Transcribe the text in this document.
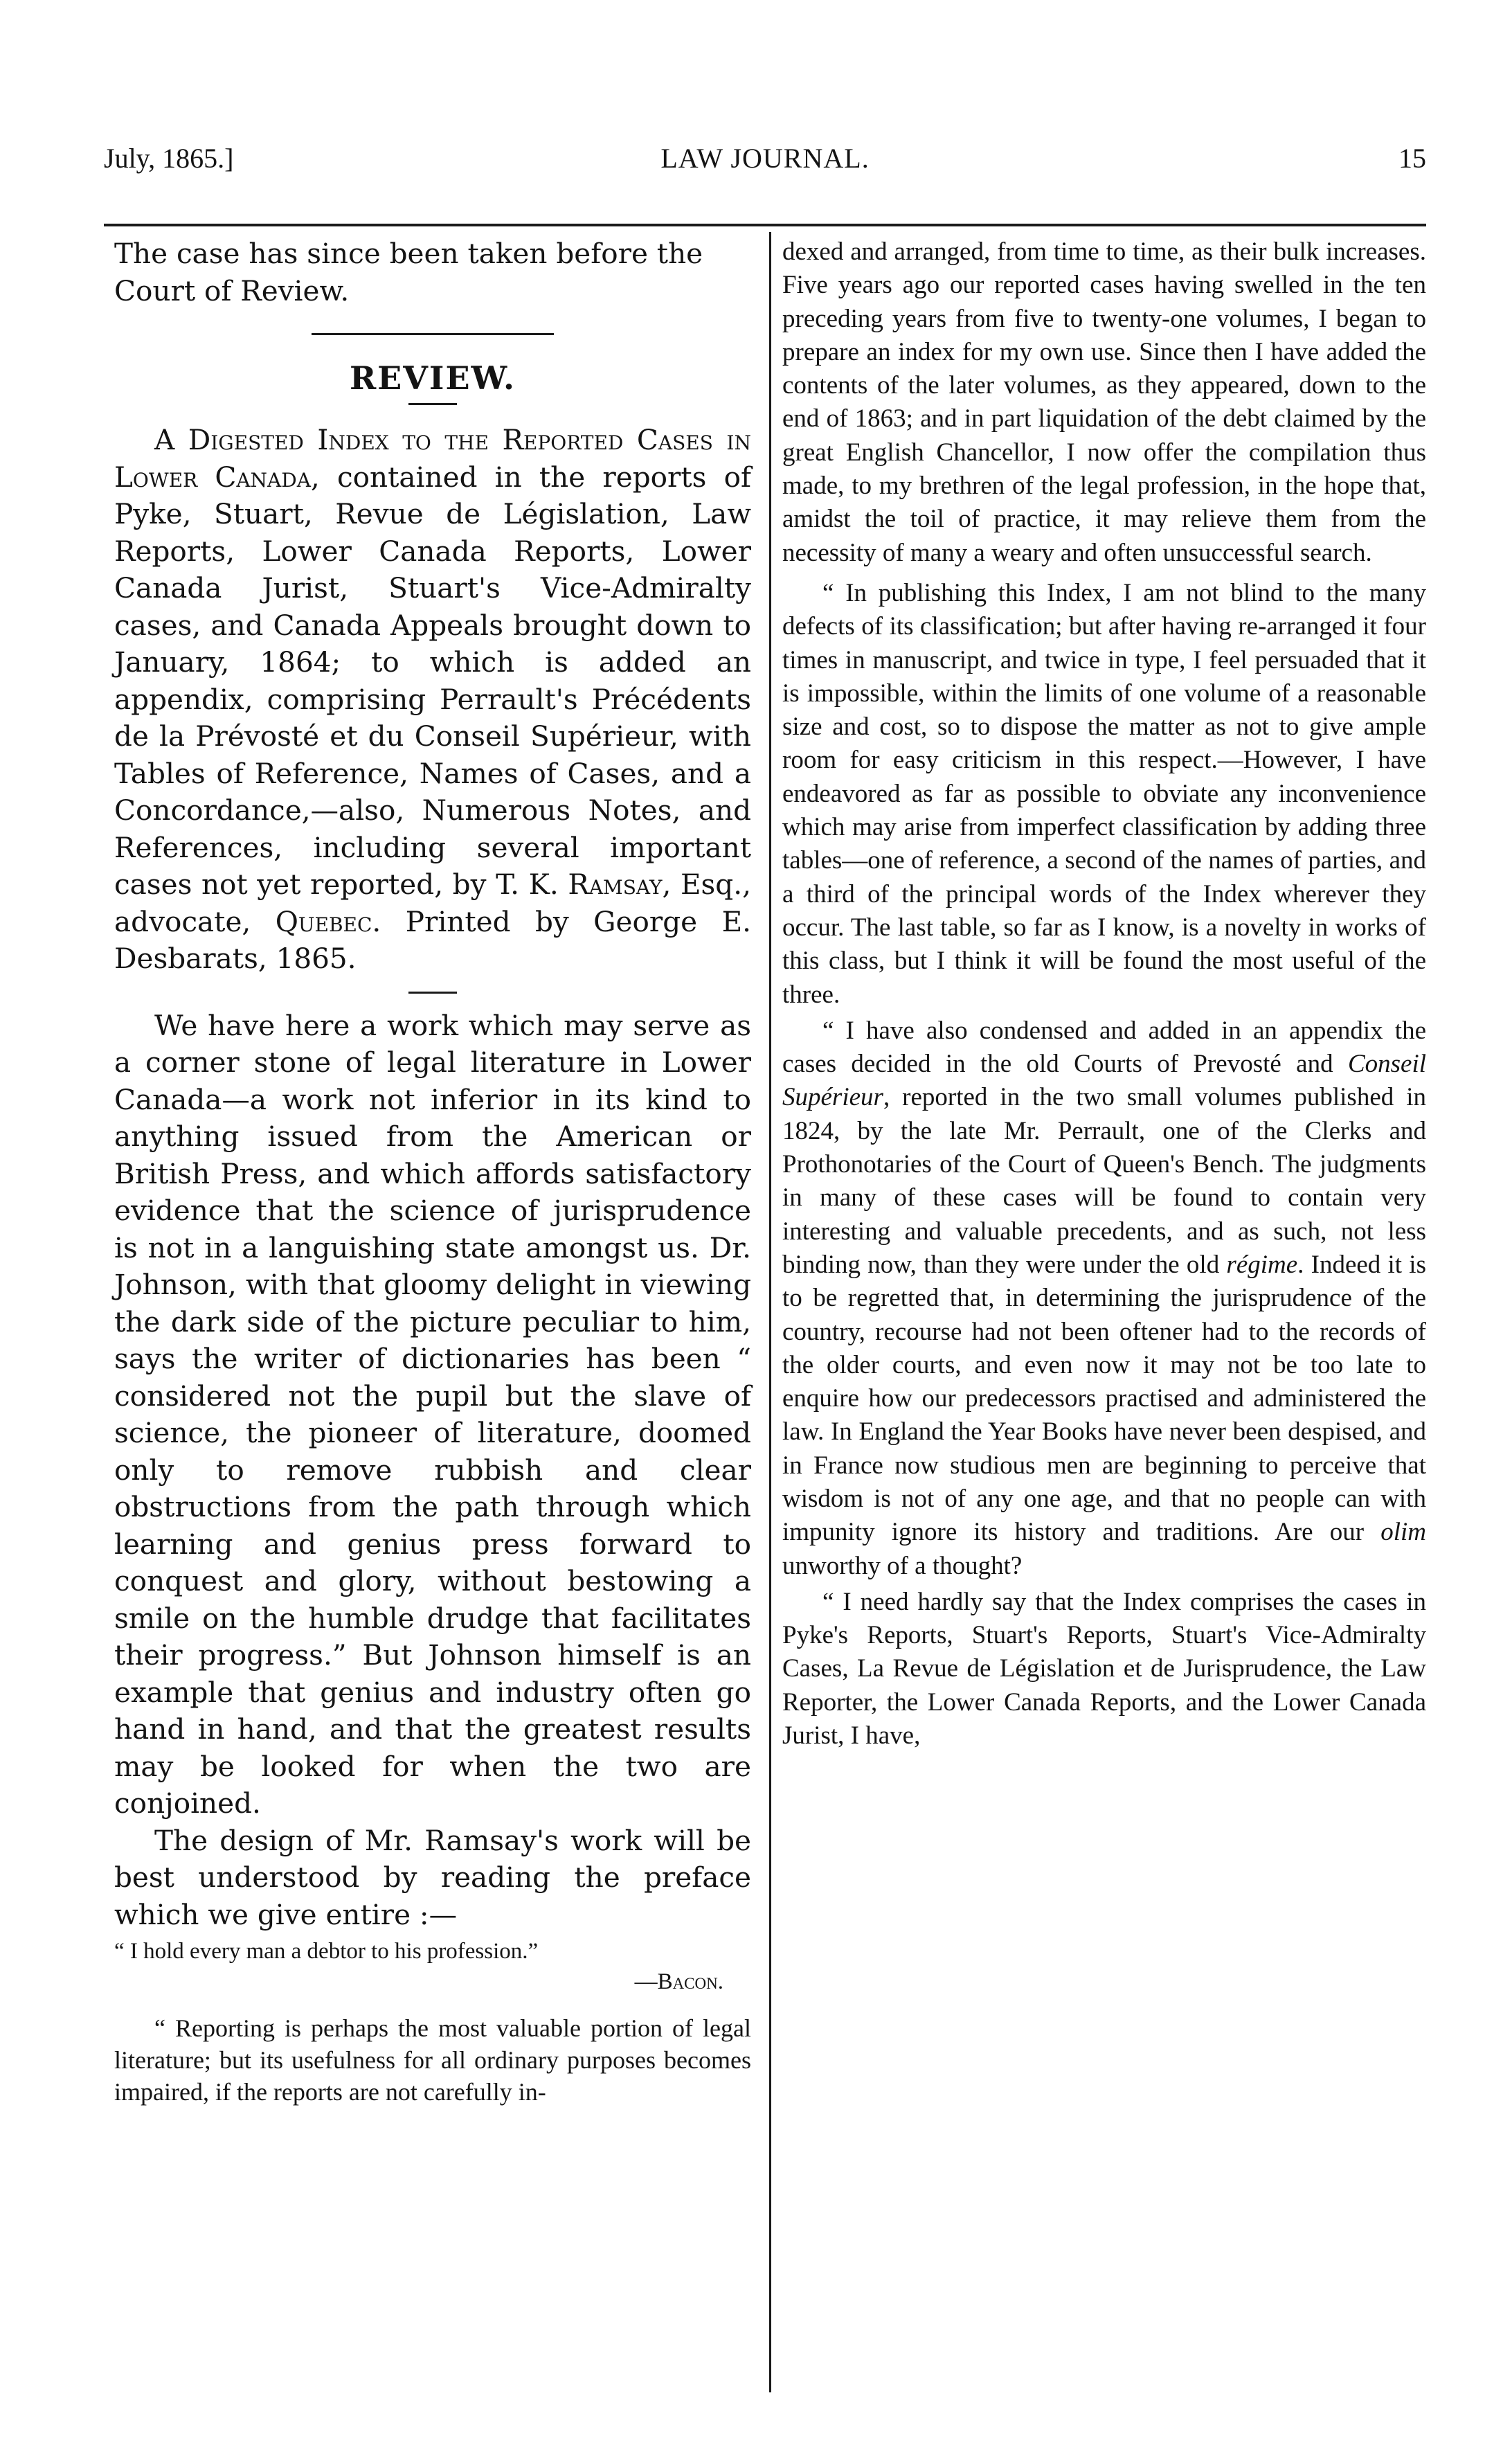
July, 1865.]	LAW JOURNAL.	15

The case has since been taken before the Court of Review.

REVIEW.

A Digested Index to the Reported Cases in Lower Canada, contained in the reports of Pyke, Stuart, Revue de Législation, Law Reports, Lower Canada Reports, Lower Canada Jurist, Stuart's Vice-Admiralty cases, and Canada Appeals brought down to January, 1864; to which is added an appendix, comprising Perrault's Précédents de la Prévosté et du Conseil Supérieur, with Tables of Reference, Names of Cases, and a Concordance,—also, Numerous Notes, and References, including several important cases not yet reported, by T. K. Ramsay, Esq., advocate, Quebec. Printed by George E. Desbarats, 1865.

We have here a work which may serve as a corner stone of legal literature in Lower Canada—a work not inferior in its kind to anything issued from the American or British Press, and which affords satisfactory evidence that the science of jurisprudence is not in a languishing state amongst us. Dr. Johnson, with that gloomy delight in viewing the dark side of the picture peculiar to him, says the writer of dictionaries has been “ considered not the pupil but the slave of science, the pioneer of literature, doomed only to remove rubbish and clear obstructions from the path through which learning and genius press forward to conquest and glory, without bestowing a smile on the humble drudge that facilitates their progress.” But Johnson himself is an example that genius and industry often go hand in hand, and that the greatest results may be looked for when the two are conjoined.

The design of Mr. Ramsay's work will be best understood by reading the preface which we give entire :—

“ I hold every man a debtor to his profession.”

—Bacon.

“ Reporting is perhaps the most valuable portion of legal literature; but its usefulness for all ordinary purposes becomes impaired, if the reports are not carefully in-

dexed and arranged, from time to time, as their bulk increases. Five years ago our reported cases having swelled in the ten preceding years from five to twenty-one volumes, I began to prepare an index for my own use. Since then I have added the contents of the later volumes, as they appeared, down to the end of 1863; and in part liquidation of the debt claimed by the great English Chancellor, I now offer the compilation thus made, to my brethren of the legal profession, in the hope that, amidst the toil of practice, it may relieve them from the necessity of many a weary and often unsuccessful search.

“ In publishing this Index, I am not blind to the many defects of its classification; but after having re-arranged it four times in manuscript, and twice in type, I feel persuaded that it is impossible, within the limits of one volume of a reasonable size and cost, so to dispose the matter as not to give ample room for easy criticism in this respect.—However, I have endeavored as far as possible to obviate any inconvenience which may arise from imperfect classification by adding three tables—one of reference, a second of the names of parties, and a third of the principal words of the Index wherever they occur. The last table, so far as I know, is a novelty in works of this class, but I think it will be found the most useful of the three.

“ I have also condensed and added in an appendix the cases decided in the old Courts of Prevosté and Conseil Supérieur, reported in the two small volumes published in 1824, by the late Mr. Perrault, one of the Clerks and Prothonotaries of the Court of Queen's Bench. The judgments in many of these cases will be found to contain very interesting and valuable precedents, and as such, not less binding now, than they were under the old régime. Indeed it is to be regretted that, in determining the jurisprudence of the country, recourse had not been oftener had to the records of the older courts, and even now it may not be too late to enquire how our predecessors practised and administered the law. In England the Year Books have never been despised, and in France now studious men are beginning to perceive that wisdom is not of any one age, and that no people can with impunity ignore its history and traditions. Are our olim unworthy of a thought?

“ I need hardly say that the Index comprises the cases in Pyke's Reports, Stuart's Reports, Stuart's Vice-Admiralty Cases, La Revue de Législation et de Jurisprudence, the Law Reporter, the Lower Canada Reports, and the Lower Canada Jurist, I have,
